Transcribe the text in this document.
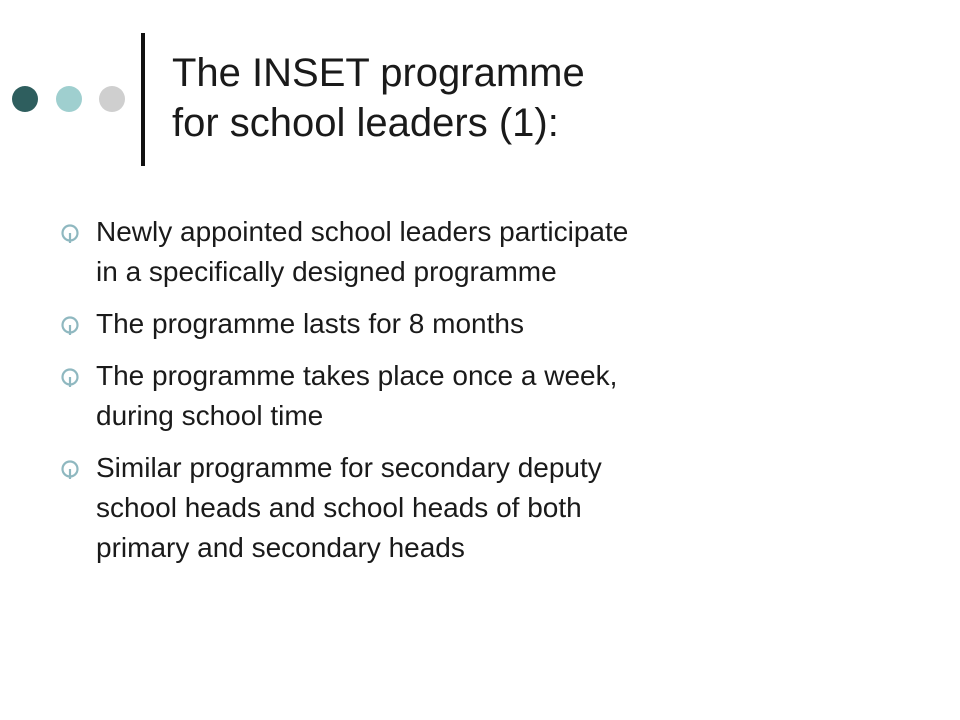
The INSET programme
for school leaders (1):
Newly appointed school leaders participate
in a specifically designed programme
The programme lasts for 8 months
The programme takes place once a week,
during school time
Similar programme for secondary deputy
school heads and school heads of both
primary and secondary heads
